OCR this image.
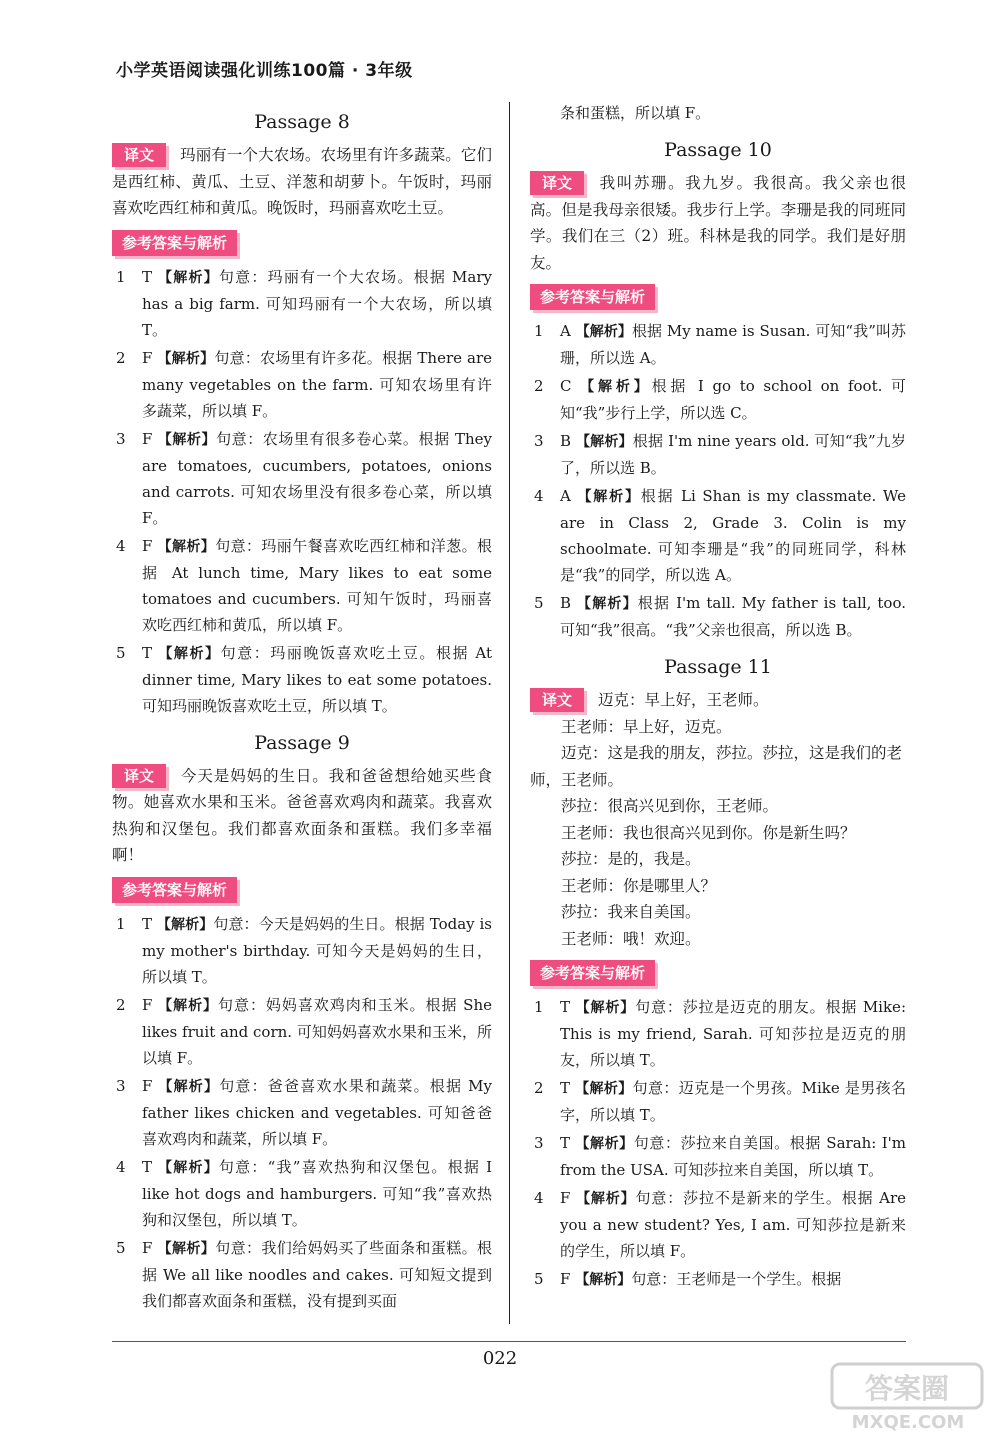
小学英语阅读强化训练100篇 · 3年级
Passage 8

译文 玛丽有一个大农场。农场里有许多蔬菜。它们是西红柿、黄瓜、土豆、洋葱和胡萝卜。午饭时，玛丽喜欢吃西红柿和黄瓜。晚饭时，玛丽喜欢吃土豆。

参考答案与解析
1	T 【解析】句意：玛丽有一个大农场。根据 Mary has a big farm. 可知玛丽有一个大农场，所以填 T。
2	F 【解析】句意：农场里有许多花。根据 There are many vegetables on the farm. 可知农场里有许多蔬菜，所以填 F。
3	F 【解析】句意：农场里有很多卷心菜。根据 They are tomatoes, cucumbers, potatoes, onions and carrots. 可知农场里没有很多卷心菜，所以填 F。
4	F 【解析】句意：玛丽午餐喜欢吃西红柿和洋葱。根据 At lunch time, Mary likes to eat some tomatoes and cucumbers. 可知午饭时，玛丽喜欢吃西红柿和黄瓜，所以填 F。
5	T 【解析】句意：玛丽晚饭喜欢吃土豆。根据 At dinner time, Mary likes to eat some potatoes. 可知玛丽晚饭喜欢吃土豆，所以填 T。
Passage 9

译文 今天是妈妈的生日。我和爸爸想给她买些食物。她喜欢水果和玉米。爸爸喜欢鸡肉和蔬菜。我喜欢热狗和汉堡包。我们都喜欢面条和蛋糕。我们多幸福啊！

参考答案与解析
1	T 【解析】句意：今天是妈妈的生日。根据 Today is my mother's birthday. 可知今天是妈妈的生日，所以填 T。
2	F 【解析】句意：妈妈喜欢鸡肉和玉米。根据 She likes fruit and corn. 可知妈妈喜欢水果和玉米，所以填 F。
3	F 【解析】句意：爸爸喜欢水果和蔬菜。根据 My father likes chicken and vegetables. 可知爸爸喜欢鸡肉和蔬菜，所以填 F。
4	T 【解析】句意：“我”喜欢热狗和汉堡包。根据 I like hot dogs and hamburgers. 可知“我”喜欢热狗和汉堡包，所以填 T。
5	F 【解析】句意：我们给妈妈买了些面条和蛋糕。根据 We all like noodles and cakes. 可知短文提到我们都喜欢面条和蛋糕，没有提到买面
条和蛋糕，所以填 F。
Passage 10

译文 我叫苏珊。我九岁。我很高。我父亲也很高。但是我母亲很矮。我步行上学。李珊是我的同班同学。我们在三（2）班。科林是我的同学。我们是好朋友。

参考答案与解析
1	A 【解析】根据 My name is Susan. 可知“我”叫苏珊，所以选 A。
2	C 【解析】根据 I go to school on foot. 可知“我”步行上学，所以选 C。
3	B 【解析】根据 I'm nine years old. 可知“我”九岁了，所以选 B。
4	A 【解析】根据 Li Shan is my classmate. We are in Class 2, Grade 3. Colin is my schoolmate. 可知李珊是“我”的同班同学，科林是“我”的同学，所以选 A。
5	B 【解析】根据 I'm tall. My father is tall, too. 可知“我”很高。“我”父亲也很高，所以选 B。
Passage 11
译文	迈克：早上好，王老师。

王老师：早上好，迈克。

迈克：这是我的朋友，莎拉。莎拉，这是我们的老师，王老师。

莎拉：很高兴见到你，王老师。

王老师：我也很高兴见到你。你是新生吗？

莎拉：是的，我是。

王老师：你是哪里人？

莎拉：我来自美国。

王老师：哦！欢迎。

参考答案与解析
1	T 【解析】句意：莎拉是迈克的朋友。根据 Mike: This is my friend, Sarah. 可知莎拉是迈克的朋友，所以填 T。
2	T 【解析】句意：迈克是一个男孩。Mike 是男孩名字，所以填 T。
3	T 【解析】句意：莎拉来自美国。根据 Sarah: I'm from the USA. 可知莎拉来自美国，所以填 T。
4	F 【解析】句意：莎拉不是新来的学生。根据 Are you a new student? Yes, I am. 可知莎拉是新来的学生，所以填 F。
5	F 【解析】句意：王老师是一个学生。根据
022
答案圈
MXQE.COM
